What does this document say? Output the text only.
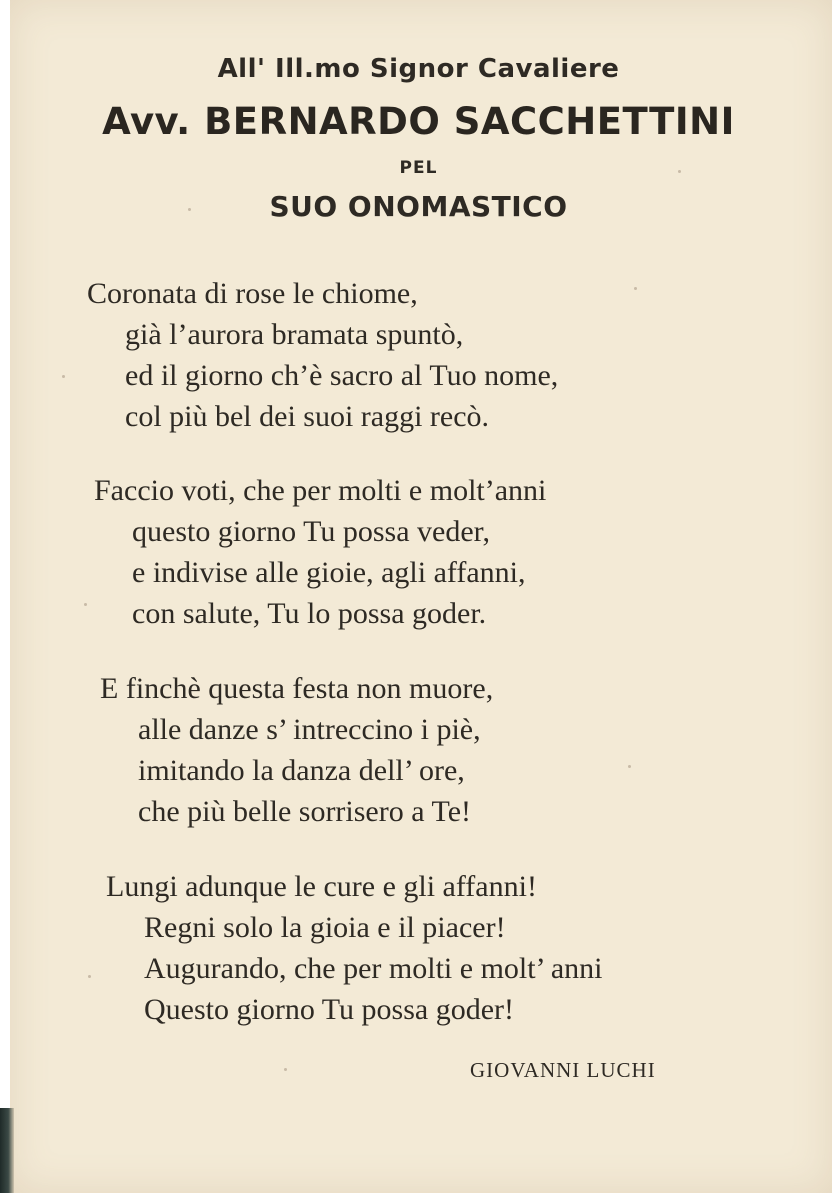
All' Ill.mo Signor Cavaliere
Avv. BERNARDO SACCHETTINI
PEL
SUO ONOMASTICO
Coronata di rose le chiome,
già l’aurora bramata spuntò,
ed il giorno ch’è sacro al Tuo nome,
col più bel dei suoi raggi recò.
Faccio voti, che per molti e molt’anni
questo giorno Tu possa veder,
e indivise alle gioie, agli affanni,
con salute, Tu lo possa goder.
E finchè questa festa non muore,
alle danze s’ intreccino i piè,
imitando la danza dell’ ore,
che più belle sorrisero a Te!
Lungi adunque le cure e gli affanni!
Regni solo la gioia e il piacer!
Augurando, che per molti e molt’ anni
Questo giorno Tu possa goder!

GIOVANNI LUCHI
